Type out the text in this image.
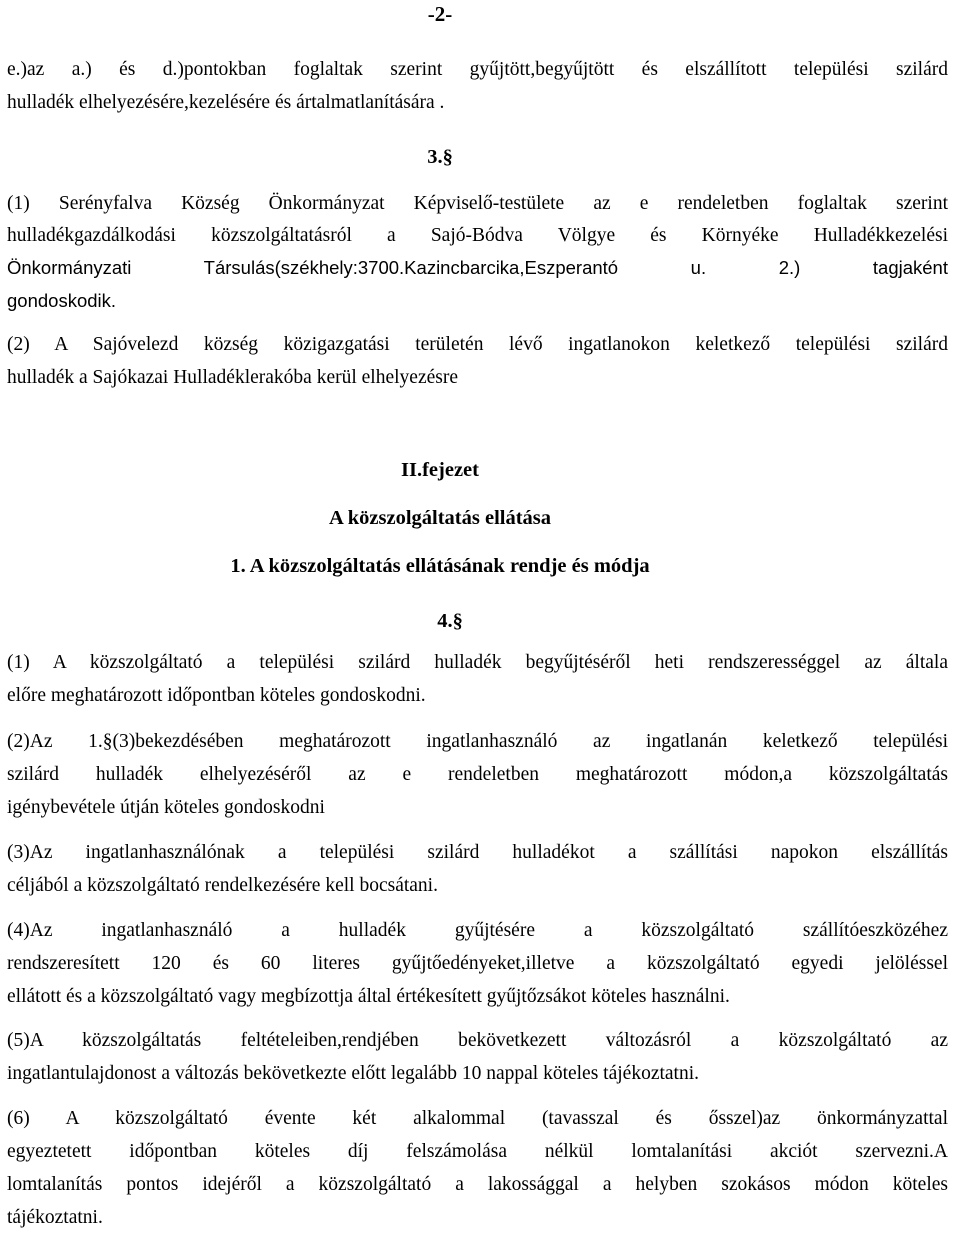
-2-
e.)az a.) és d.)pontokban foglaltak szerint gyűjtött,begyűjtött és elszállított települési szilárd
hulladék elhelyezésére,kezelésére és ártalmatlanítására .
3.§
(1) Serényfalva Község Önkormányzat Képviselő-testülete az e rendeletben foglaltak szerint
hulladékgazdálkodási közszolgáltatásról a Sajó-Bódva Völgye és Környéke Hulladékkezelési
Önkormányzati Társulás(székhely:3700.Kazincbarcika,Eszperantó u. 2.) tagjaként
gondoskodik.
(2) A Sajóvelezd község közigazgatási területén lévő ingatlanokon keletkező települési szilárd
hulladék a Sajókazai Hulladéklerakóba kerül elhelyezésre
II.fejezet
A közszolgáltatás ellátása
1. A közszolgáltatás ellátásának rendje és módja
4.§
(1) A közszolgáltató a települési szilárd hulladék begyűjtéséről heti rendszerességgel az általa
előre meghatározott időpontban köteles gondoskodni.
(2)Az 1.§(3)bekezdésében meghatározott ingatlanhasználó az ingatlanán keletkező települési
szilárd hulladék elhelyezéséről az e rendeletben meghatározott módon,a közszolgáltatás
igénybevétele útján köteles gondoskodni
(3)Az ingatlanhasználónak a települési szilárd hulladékot a szállítási napokon elszállítás
céljából a közszolgáltató rendelkezésére kell bocsátani.
(4)Az ingatlanhasználó a hulladék gyűjtésére a közszolgáltató szállítóeszközéhez
rendszeresített 120 és 60 literes gyűjtőedényeket,illetve a közszolgáltató egyedi jelöléssel
ellátott és a közszolgáltató vagy megbízottja által értékesített gyűjtőzsákot köteles használni.
(5)A közszolgáltatás feltételeiben,rendjében bekövetkezett változásról a közszolgáltató az
ingatlantulajdonost a változás bekövetkezte előtt legalább 10 nappal köteles tájékoztatni.
(6) A közszolgáltató évente két alkalommal (tavasszal és ősszel)az önkormányzattal
egyeztetett időpontban köteles díj felszámolása nélkül lomtalanítási akciót szervezni.A
lomtalanítás pontos idejéről a közszolgáltató a lakossággal a helyben szokásos módon köteles
tájékoztatni.
